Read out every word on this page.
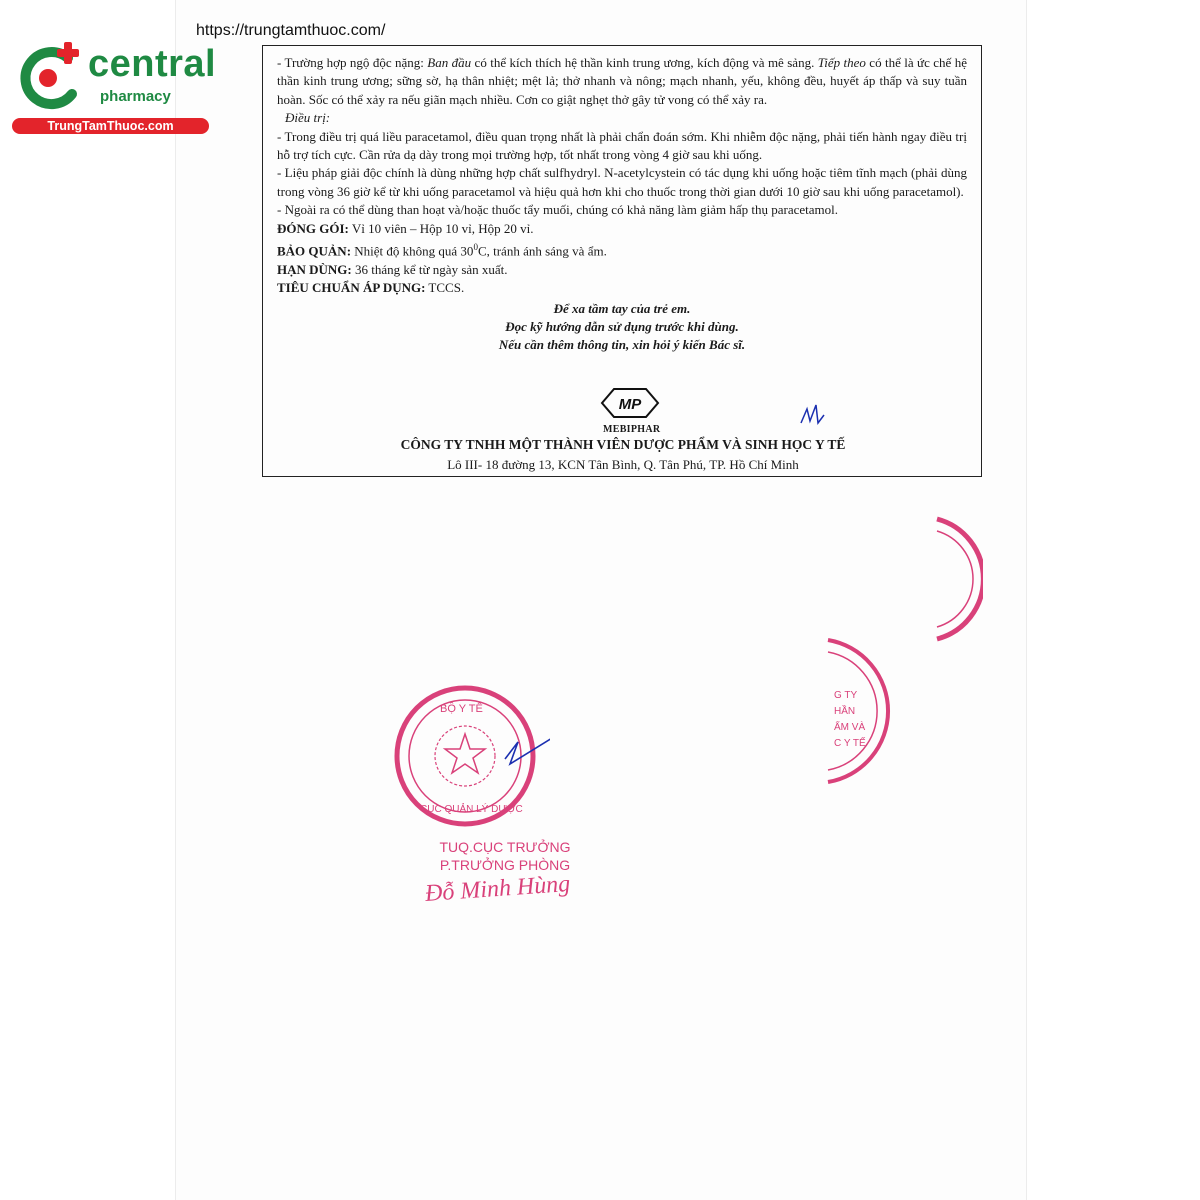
https://trungtamthuoc.com/
central
pharmacy
TrungTamThuoc.com

- Trường hợp ngộ độc nặng: Ban đầu có thể kích thích hệ thần kinh trung ương, kích động và mê sảng. Tiếp theo có thể là ức chế hệ thần kinh trung ương; sững sờ, hạ thân nhiệt; mệt lả; thở nhanh và nông; mạch nhanh, yếu, không đều, huyết áp thấp và suy tuần hoàn. Sốc có thể xảy ra nếu giãn mạch nhiều. Cơn co giật nghẹt thở gây tử vong có thể xảy ra.

Điều trị:

- Trong điều trị quá liều paracetamol, điều quan trọng nhất là phải chẩn đoán sớm. Khi nhiễm độc nặng, phải tiến hành ngay điều trị hỗ trợ tích cực. Cần rửa dạ dày trong mọi trường hợp, tốt nhất trong vòng 4 giờ sau khi uống.

- Liệu pháp giải độc chính là dùng những hợp chất sulfhydryl. N-acetylcystein có tác dụng khi uống hoặc tiêm tĩnh mạch (phải dùng trong vòng 36 giờ kể từ khi uống paracetamol và hiệu quả hơn khi cho thuốc trong thời gian dưới 10 giờ sau khi uống paracetamol).

- Ngoài ra có thể dùng than hoạt và/hoặc thuốc tẩy muối, chúng có khả năng làm giảm hấp thụ paracetamol.

ĐÓNG GÓI: Vỉ 10 viên – Hộp 10 vỉ, Hộp 20 vỉ.

BẢO QUẢN: Nhiệt độ không quá $30^0C$, tránh ánh sáng và ẩm.

HẠN DÙNG: 36 tháng kể từ ngày sản xuất.

TIÊU CHUẨN ÁP DỤNG: TCCS.

Để xa tầm tay của trẻ em.

Đọc kỹ hướng dẫn sử dụng trước khi dùng.

Nếu cần thêm thông tin, xin hỏi ý kiến Bác sĩ.

MP
MEBIPHAR
CÔNG TY TNHH MỘT THÀNH VIÊN DƯỢC PHẨM VÀ SINH HỌC Y TẾ
Lô III- 18 đường 13, KCN Tân Bình, Q. Tân Phú, TP. Hồ Chí Minh
G TY
HẦN
ẨM VÀ
C Y TẾ
BỘ Y TẾ
CỤC QUẢN LÝ DƯỢC
TUQ.CỤC TRƯỞNG
P.TRƯỞNG PHÒNG
Đỗ Minh Hùng
